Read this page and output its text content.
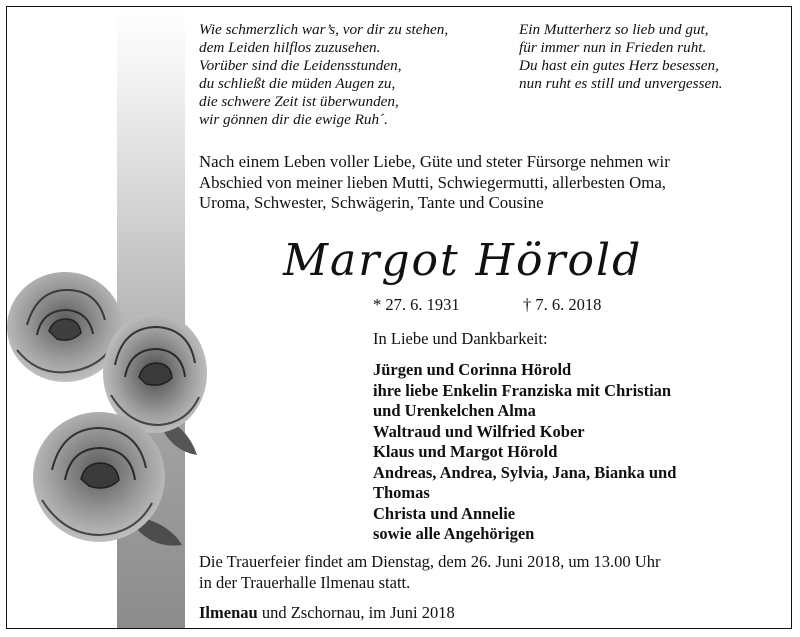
Wie schmerzlich war’s, vor dir zu stehen,
dem Leiden hilflos zuzusehen.
Vorüber sind die Leidensstunden,
du schließt die müden Augen zu,
die schwere Zeit ist überwunden,
wir gönnen dir die ewige Ruh´.
Ein Mutterherz so lieb und gut,
für immer nun in Frieden ruht.
Du hast ein gutes Herz besessen,
nun ruht es still und unvergessen.
Nach einem Leben voller Liebe, Güte und steter Fürsorge nehmen wir
Abschied von meiner lieben Mutti, Schwiegermutti, allerbesten Oma,
Uroma, Schwester, Schwägerin, Tante und Cousine
Margot Hörold
* 27. 6. 1931	† 7. 6. 2018
In Liebe und Dankbarkeit:
Jürgen und Corinna Hörold
ihre liebe Enkelin Franziska mit Christian
und Urenkelchen Alma
Waltraud und Wilfried Kober
Klaus und Margot Hörold
Andreas, Andrea, Sylvia, Jana, Bianka und
Thomas
Christa und Annelie
sowie alle Angehörigen
Die Trauerfeier findet am Dienstag, dem 26. Juni 2018, um 13.00 Uhr
in der Trauerhalle Ilmenau statt.
Ilmenau und Zschornau, im Juni 2018
